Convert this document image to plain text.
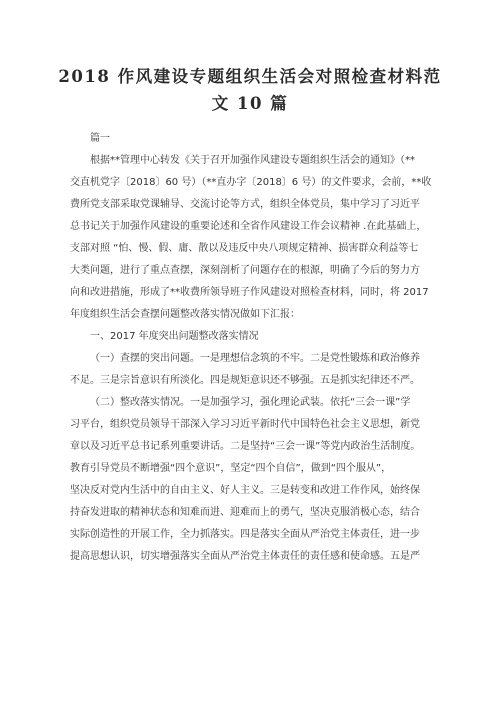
2018 作风建设专题组织生活会对照检查材料范
文 10 篇
篇一
根据**管理中心转发《关于召开加强作风建设专题组织生活会的通知》（**
交直机党字〔2018〕60 号）（**直办字〔2018〕6 号）的文件要求，会前，**收
费所党支部采取党课辅导、交流讨论等方式，组织全体党员，集中学习了习近平
总书记关于加强作风建设的重要论述和全省作风建设工作会议精神 .在此基础上，
支部对照 “怕、慢、假、庸、散以及违反中央八项规定精神、损害群众利益等七
大类问题，进行了重点查摆，深刻剖析了问题存在的根源，明确了今后的努力方
向和改进措施，形成了**收费所领导班子作风建设对照检查材料，同时，将 2017
年度组织生活会查摆问题整改落实情况做如下汇报：
一、2017 年度突出问题整改落实情况
（一）查摆的突出问题。一是理想信念筑的不牢。二是党性锻炼和政治修养
不足。三是宗旨意识有所淡化。四是规矩意识还不够强。五是抓实纪律还不严。
（二）整改落实情况。一是加强学习，强化理论武装。依托“三会一课”学
习平台，组织党员领导干部深入学习习近平新时代中国特色社会主义思想，新党
章以及习近平总书记系列重要讲话。二是坚持“三会一课”等党内政治生活制度。
教育引导党员不断增强“四个意识”，坚定“四个自信”，做到“四个服从”，
坚决反对党内生活中的自由主义、好人主义。三是转变和改进工作作风，始终保
持奋发进取的精神状态和知难而进、迎难而上的勇气，坚决克服消极心态，结合
实际创造性的开展工作，全力抓落实。四是落实全面从严治党主体责任，进一步
提高思想认识，切实增强落实全面从严治党主体责任的责任感和使命感。五是严
